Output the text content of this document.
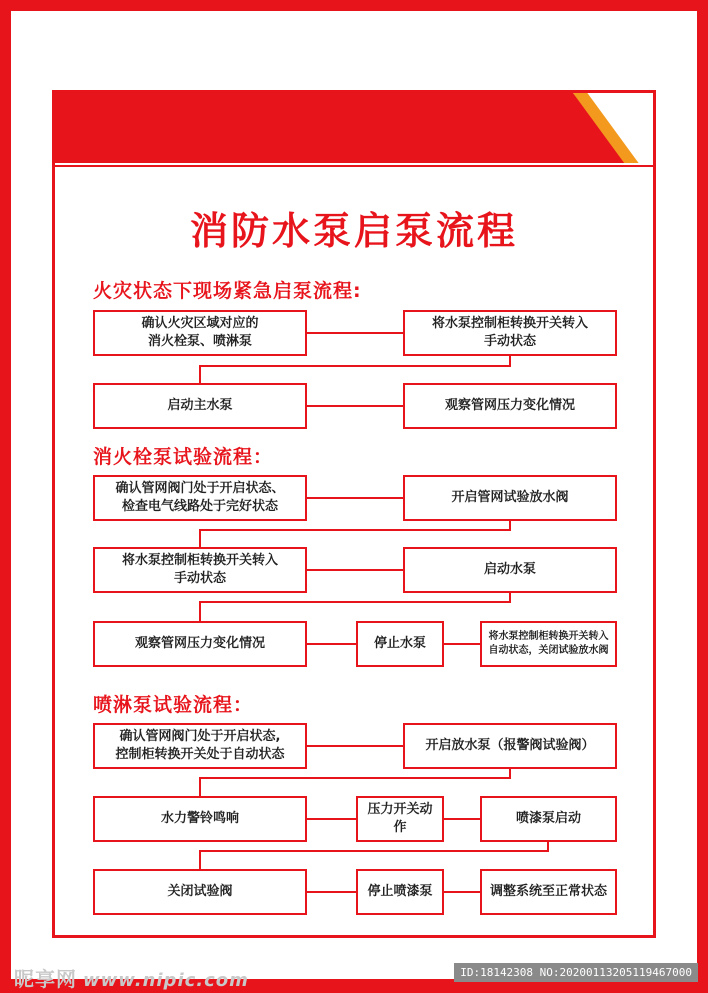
消防水泵启泵流程
火灾状态下现场紧急启泵流程:
确认火灾区域对应的
消火栓泵、喷淋泵
将水泵控制柜转换开关转入
手动状态
启动主水泵	观察管网压力变化情况
消火栓泵试验流程：
确认管网阀门处于开启状态、
检查电气线路处于完好状态
开启管网试验放水阀
将水泵控制柜转换开关转入
手动状态
启动水泵
观察管网压力变化情况	停止水泵	将水泵控制柜转换开关转入
自动状态，关闭试验放水阀
喷淋泵试验流程：
确认管网阀门处于开启状态,
控制柜转换开关处于自动状态
开启放水泵（报警阀试验阀）
水力警铃鸣响
压力开关动作
喷漆泵启动
关闭试验阀	停止喷漆泵	调整系统至正常状态
昵享网 www.nipic.com	ID:18142308 NO:20200113205119467000
